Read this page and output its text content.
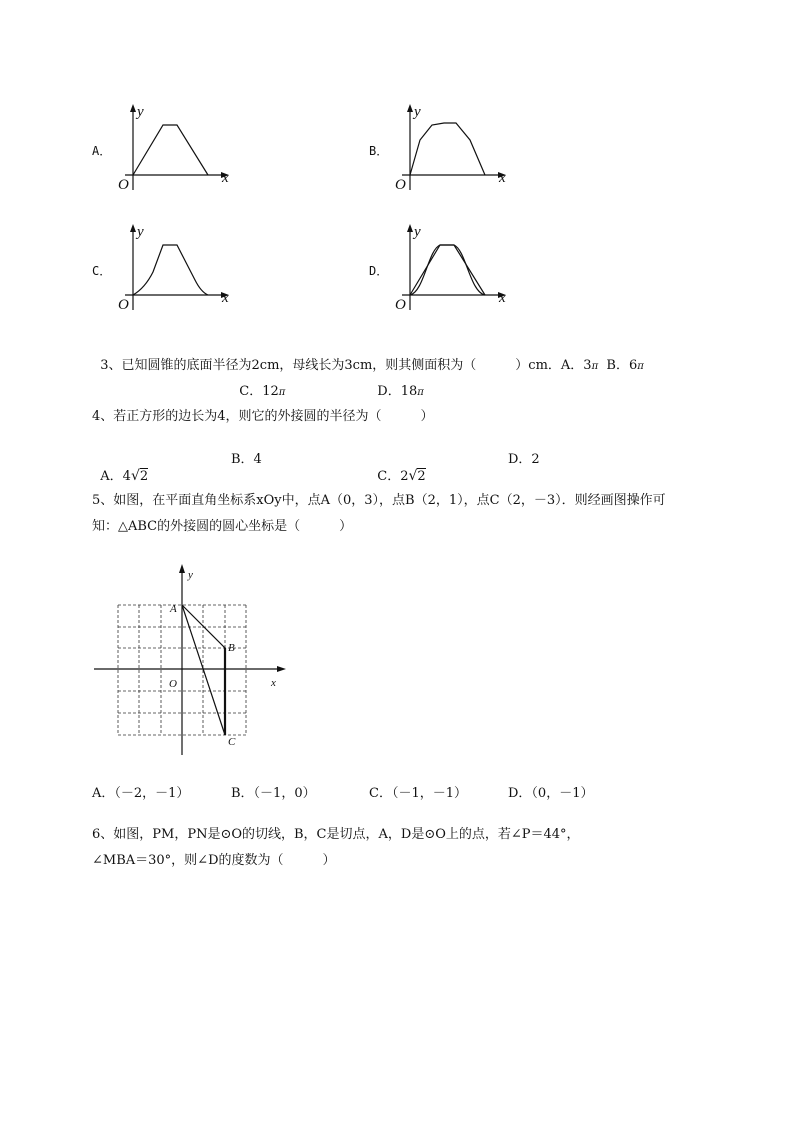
A．	B．
C．	D．
y
x
O
y
x
O
y
x
O
y
x
O

3、已知圆锥的底面半径为2cm，母线长为3cm，则其侧面积为（　　　）cm．A．3π  B．6π

C．12π	D．18π

4、若正方形的边长为4，则它的外接圆的半径为（　　　）

A．4√2

B．4

C．2√2

D．2
5、如图，在平面直角坐标系xOy中，点A（0，3），点B（2，1），点C（2，－3）．则经画图操作可
知：△ABC的外接圆的圆心坐标是（　　　）
A
B
C
O	x
y
A．（－2，－1）	B．（－1，0）	C．（－1，－1）	D．（0，－1）
6、如图，PM，PN是⊙O的切线，B，C是切点，A，D是⊙O上的点，若∠P＝44°，
∠MBA＝30°，则∠D的度数为（　　　）
